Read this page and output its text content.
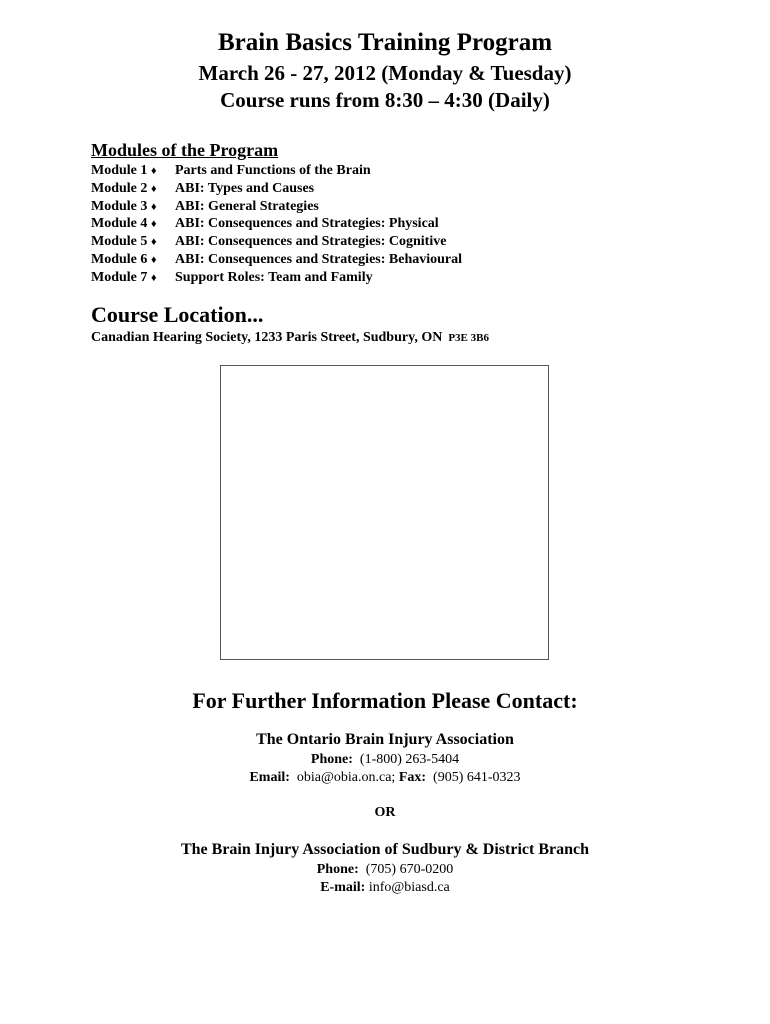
Brain Basics Training Program
March 26 - 27, 2012 (Monday & Tuesday)
Course runs from 8:30 – 4:30 (Daily)
Modules of the Program
Module 1 ♦ Parts and Functions of the Brain
Module 2 ♦ ABI: Types and Causes
Module 3 ♦ ABI: General Strategies
Module 4 ♦ ABI: Consequences and Strategies: Physical
Module 5 ♦ ABI: Consequences and Strategies: Cognitive
Module 6 ♦ ABI: Consequences and Strategies: Behavioural
Module 7 ♦ Support Roles: Team and Family
Course Location...
Canadian Hearing Society, 1233 Paris Street, Sudbury, ON P3E 3B6
For Further Information Please Contact:
The Ontario Brain Injury Association
Phone: (1-800) 263-5404
Email: obia@obia.on.ca; Fax: (905) 641-0323
OR
The Brain Injury Association of Sudbury & District Branch
Phone: (705) 670-0200
E-mail: info@biasd.ca
